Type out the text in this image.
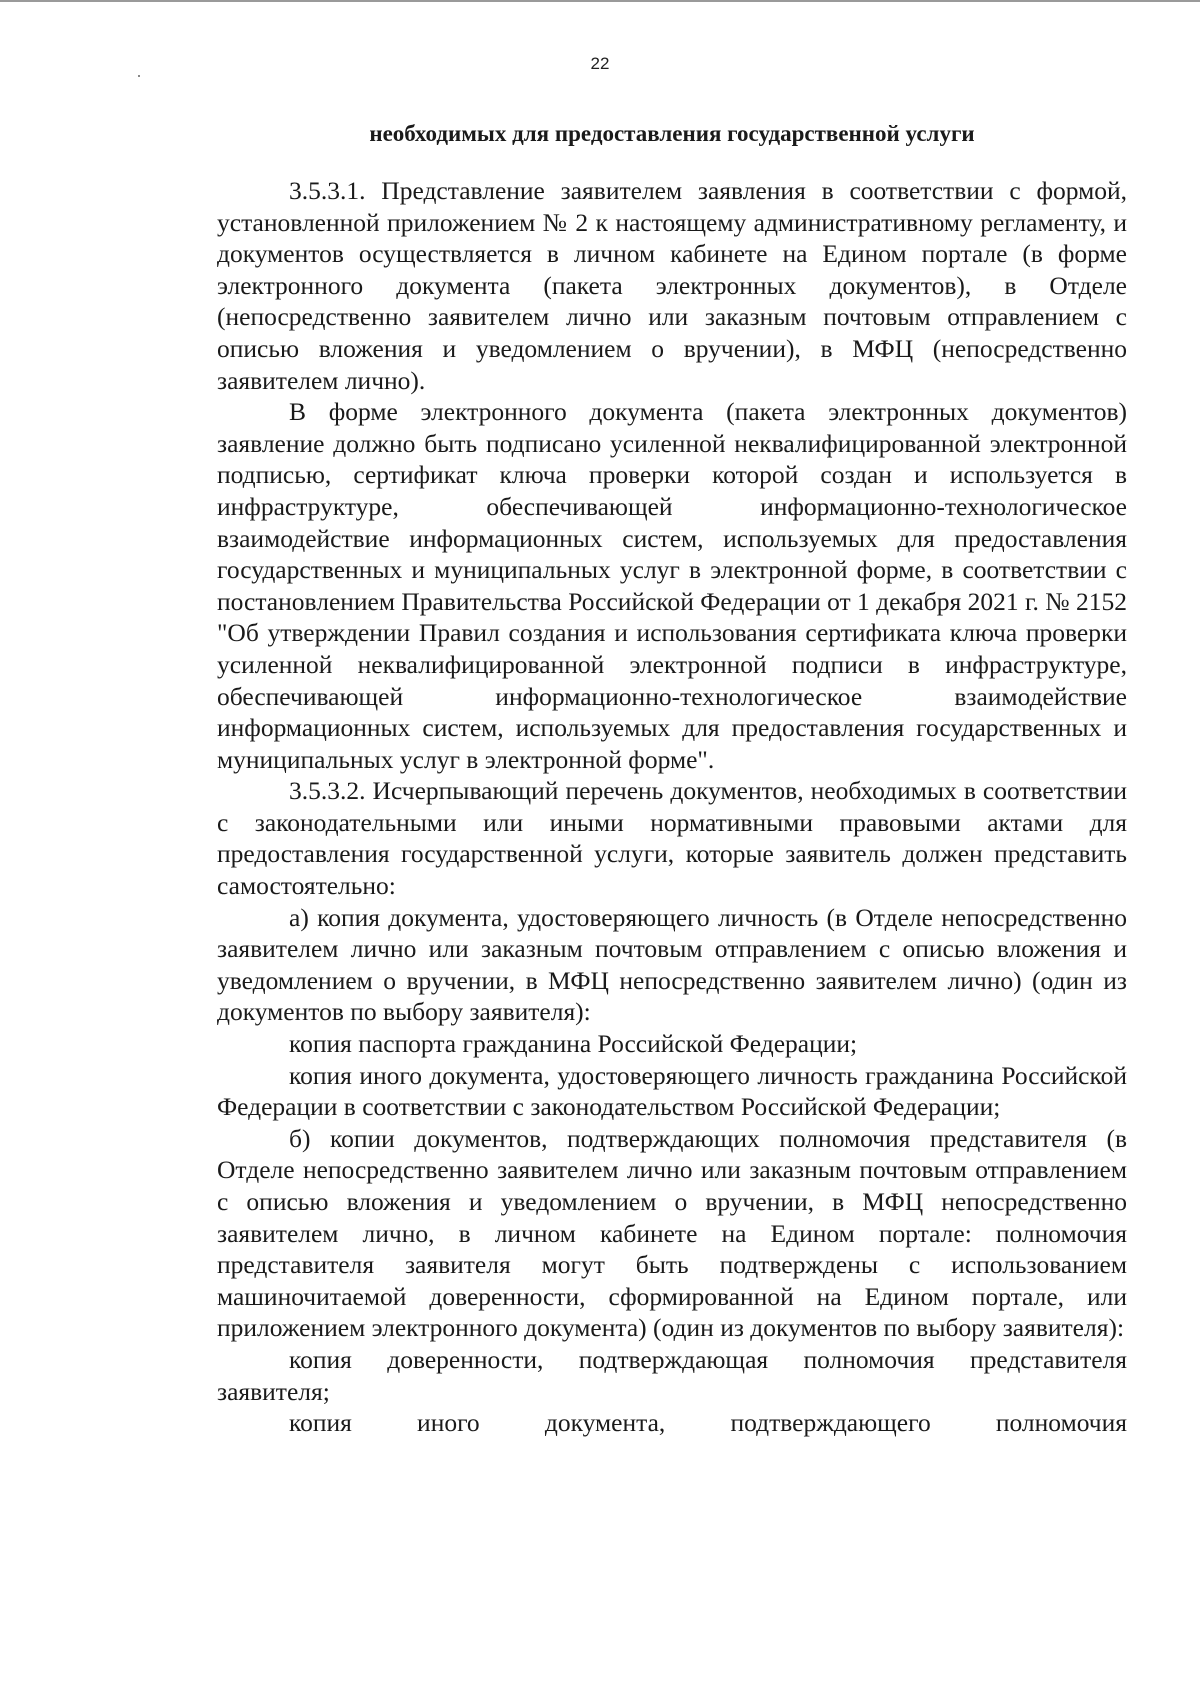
22
необходимых для предоставления государственной услуги

3.5.3.1. Представление заявителем заявления в соответствии с формой, установленной приложением № 2 к настоящему административному регламенту, и документов осуществляется в личном кабинете на Едином портале (в форме электронного документа (пакета электронных документов), в Отделе (непосредственно заявителем лично или заказным почтовым отправлением с описью вложения и уведомлением о вручении), в МФЦ (непосредственно заявителем лично).

В форме электронного документа (пакета электронных документов) заявление должно быть подписано усиленной неквалифицированной электронной подписью, сертификат ключа проверки которой создан и используется в инфраструктуре, обеспечивающей информационно-технологическое взаимодействие информационных систем, используемых для предоставления государственных и муниципальных услуг в электронной форме, в соответствии с постановлением Правительства Российской Федерации от 1 декабря 2021 г. № 2152 "Об утверждении Правил создания и использования сертификата ключа проверки усиленной неквалифицированной электронной подписи в инфраструктуре, обеспечивающей информационно-технологическое взаимодействие информационных систем, используемых для предоставления государственных и муниципальных услуг в электронной форме".

3.5.3.2. Исчерпывающий перечень документов, необходимых в соответствии с законодательными или иными нормативными правовыми актами для предоставления государственной услуги, которые заявитель должен представить самостоятельно:

а) копия документа, удостоверяющего личность (в Отделе непосредственно заявителем лично или заказным почтовым отправлением с описью вложения и уведомлением о вручении, в МФЦ непосредственно заявителем лично) (один из документов по выбору заявителя):

копия паспорта гражданина Российской Федерации;

копия иного документа, удостоверяющего личность гражданина Российской Федерации в соответствии с законодательством Российской Федерации;

б) копии документов, подтверждающих полномочия представителя (в Отделе непосредственно заявителем лично или заказным почтовым отправлением с описью вложения и уведомлением о вручении, в МФЦ непосредственно заявителем лично, в личном кабинете на Едином портале: полномочия представителя заявителя могут быть подтверждены с использованием машиночитаемой доверенности, сформированной на Едином портале, или приложением электронного документа) (один из документов по выбору заявителя):

копия доверенности, подтверждающая полномочия представителя заявителя;

копия иного документа, подтверждающего полномочия
